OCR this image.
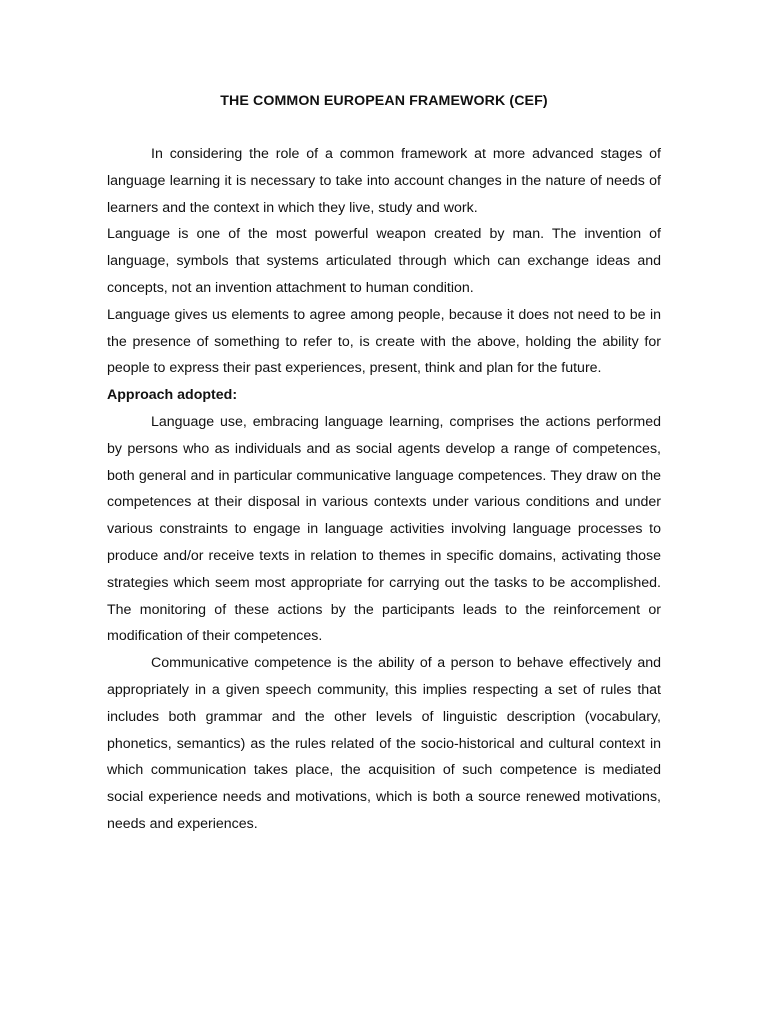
THE COMMON EUROPEAN FRAMEWORK (CEF)

In considering the role of a common framework at more advanced stages of language learning it is necessary to take into account changes in the nature of needs of learners and the context in which they live, study and work.

Language is one of the most powerful weapon created by man. The invention of language, symbols that systems articulated through which can exchange ideas and concepts, not an invention attachment to human condition.

Language gives us elements to agree among people, because it does not need to be in the presence of something to refer to, is create with the above, holding the ability for people to express their past experiences, present, think and plan for the future.

Approach adopted:

Language use, embracing language learning, comprises the actions performed by persons who as individuals and as social agents develop a range of competences, both general and in particular communicative language competences. They draw on the competences at their disposal in various contexts under various conditions and under various constraints to engage in language activities involving language processes to produce and/or receive texts in relation to themes in specific domains, activating those strategies which seem most appropriate for carrying out the tasks to be accomplished. The monitoring of these actions by the participants leads to the reinforcement or modification of their competences.

Communicative competence is the ability of a person to behave effectively and appropriately in a given speech community, this implies respecting a set of rules that includes both grammar and the other levels of linguistic description (vocabulary, phonetics, semantics) as the rules related of the socio-historical and cultural context in which communication takes place, the acquisition of such competence is mediated social experience needs and motivations, which is both a source renewed motivations, needs and experiences.
